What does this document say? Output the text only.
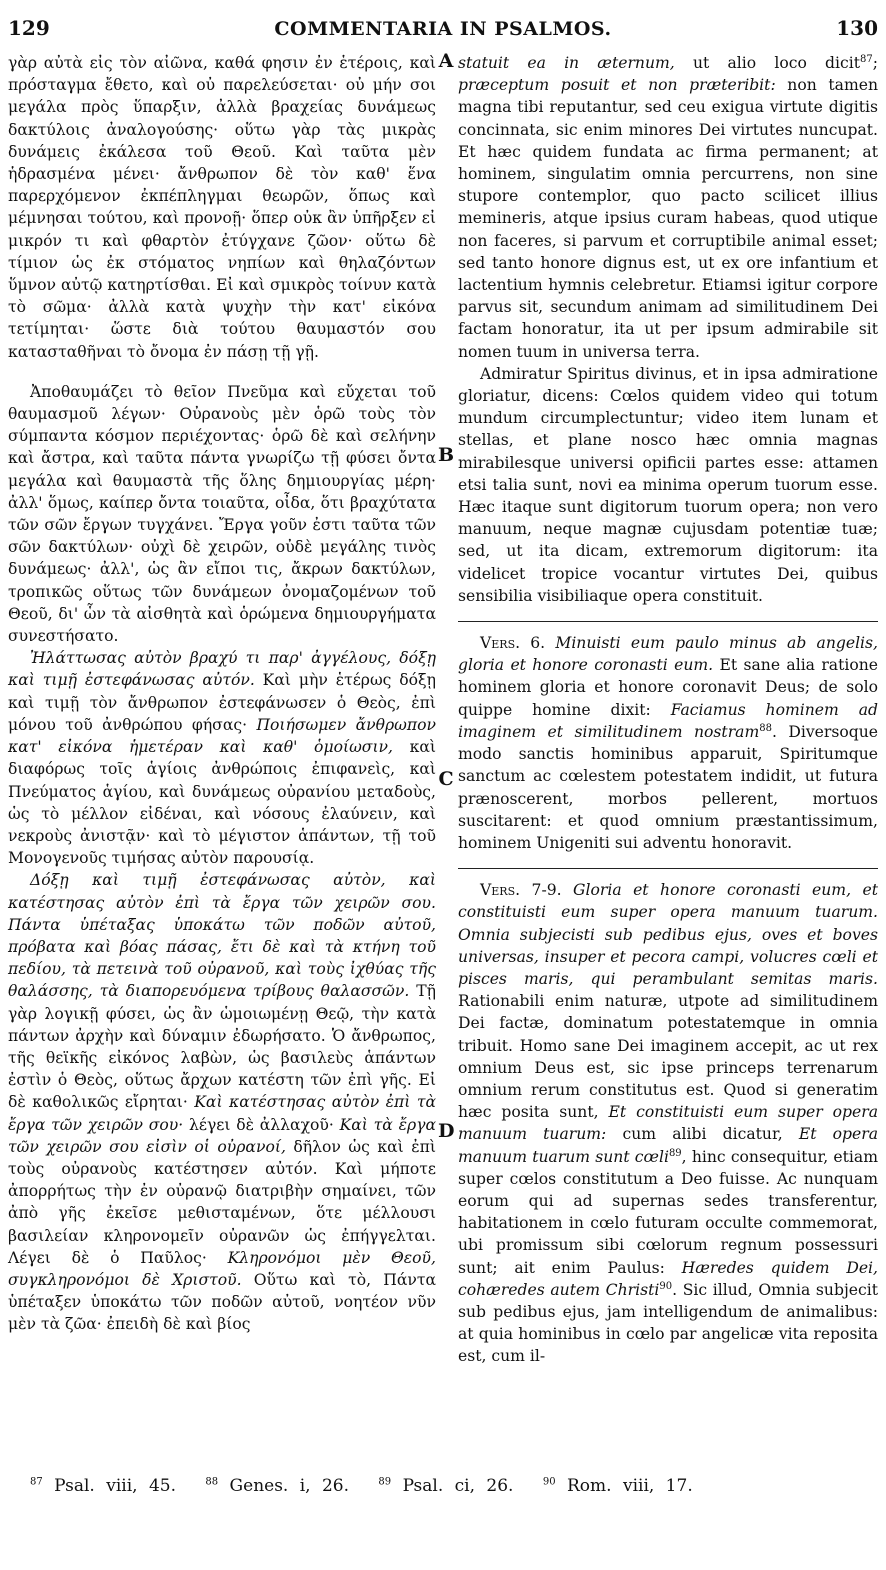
129	COMMENTARIA IN PSALMOS.	130
A
B
C
D

γὰρ αὐτὰ εἰς τὸν αἰῶνα, καθά φησιν ἐν ἑτέροις, καὶ πρόσταγμα ἔθετο, καὶ οὐ παρελεύσεται· οὐ μήν σοι μεγάλα πρὸς ὕπαρξιν, ἀλλὰ βραχείας δυνάμεως δακτύλοις ἀναλογούσης· οὕτω γὰρ τὰς μικρὰς δυνάμεις ἐκάλεσα τοῦ Θεοῦ. Καὶ ταῦτα μὲν ἡδρασμένα μένει· ἄνθρωπον δὲ τὸν καθ' ἕνα παρερχόμενον ἐκπέπληγμαι θεωρῶν, ὅπως καὶ μέμνησαι τούτου, καὶ προνοῇ· ὅπερ οὐκ ἂν ὑπῆρξεν εἰ μικρόν τι καὶ φθαρτὸν ἐτύγχανε ζῶον· οὕτω δὲ τίμιον ὡς ἐκ στόματος νηπίων καὶ θηλαζόντων ὕμνον αὐτῷ κατηρτίσθαι. Εἰ καὶ σμικρὸς τοίνυν κατὰ τὸ σῶμα· ἀλλὰ κατὰ ψυχὴν τὴν κατ' εἰκόνα τετίμηται· ὥστε διὰ τούτου θαυμαστόν σου κατασταθῆναι τὸ ὄνομα ἐν πάσῃ τῇ γῇ.

Ἀποθαυμάζει τὸ θεῖον Πνεῦμα καὶ εὔχεται τοῦ θαυμασμοῦ λέγων· Οὐρανοὺς μὲν ὁρῶ τοὺς τὸν σύμπαντα κόσμον περιέχοντας· ὁρῶ δὲ καὶ σελήνην καὶ ἄστρα, καὶ ταῦτα πάντα γνωρίζω τῇ φύσει ὄντα μεγάλα καὶ θαυμαστὰ τῆς ὅλης δημιουργίας μέρη· ἀλλ' ὅμως, καίπερ ὄντα τοιαῦτα, οἶδα, ὅτι βραχύτατα τῶν σῶν ἔργων τυγχάνει. Ἔργα γοῦν ἐστι ταῦτα τῶν σῶν δακτύλων· οὐχὶ δὲ χειρῶν, οὐδὲ μεγάλης τινὸς δυνάμεως· ἀλλ', ὡς ἂν εἴποι τις, ἄκρων δακτύλων, τροπικῶς οὕτως τῶν δυνάμεων ὀνομαζομένων τοῦ Θεοῦ, δι' ὧν τὰ αἰσθητὰ καὶ ὁρώμενα δημιουργήματα συνεστήσατο.

Ἠλάττωσας αὐτὸν βραχύ τι παρ' ἀγγέλους, δόξῃ καὶ τιμῇ ἐστεφάνωσας αὐτόν. Καὶ μὴν ἑτέρως δόξῃ καὶ τιμῇ τὸν ἄνθρωπον ἐστεφάνωσεν ὁ Θεὸς, ἐπὶ μόνου τοῦ ἀνθρώπου φήσας· Ποιήσωμεν ἄνθρωπον κατ' εἰκόνα ἡμετέραν καὶ καθ' ὁμοίωσιν, καὶ διαφόρως τοῖς ἁγίοις ἀνθρώποις ἐπιφανεὶς, καὶ Πνεύματος ἁγίου, καὶ δυνάμεως οὐρανίου μεταδοὺς, ὡς τὸ μέλλον εἰδέναι, καὶ νόσους ἐλαύνειν, καὶ νεκροὺς ἀνιστᾷν· καὶ τὸ μέγιστον ἁπάντων, τῇ τοῦ Μονογενοῦς τιμήσας αὐτὸν παρουσίᾳ.

Δόξῃ καὶ τιμῇ ἐστεφάνωσας αὐτὸν, καὶ κατέστησας αὐτὸν ἐπὶ τὰ ἔργα τῶν χειρῶν σου. Πάντα ὑπέταξας ὑποκάτω τῶν ποδῶν αὐτοῦ, πρόβατα καὶ βόας πάσας, ἔτι δὲ καὶ τὰ κτήνη τοῦ πεδίου, τὰ πετεινὰ τοῦ οὐρανοῦ, καὶ τοὺς ἰχθύας τῆς θαλάσσης, τὰ διαπορευόμενα τρίβους θαλασσῶν. Τῇ γὰρ λογικῇ φύσει, ὡς ἂν ὡμοιωμένῃ Θεῷ, τὴν κατὰ πάντων ἀρχὴν καὶ δύναμιν ἐδωρήσατο. Ὁ ἄνθρωπος, τῆς θεϊκῆς εἰκόνος λαβὼν, ὡς βασιλεὺς ἁπάντων ἐστὶν ὁ Θεὸς, οὕτως ἄρχων κατέστη τῶν ἐπὶ γῆς. Εἰ δὲ καθολικῶς εἴρηται· Καὶ κατέστησας αὐτὸν ἐπὶ τὰ ἔργα τῶν χειρῶν σου· λέγει δὲ ἀλλαχοῦ· Καὶ τὰ ἔργα τῶν χειρῶν σου εἰσὶν οἱ οὐρανοί, δῆλον ὡς καὶ ἐπὶ τοὺς οὐρανοὺς κατέστησεν αὐτόν. Καὶ μήποτε ἀπορρήτως τὴν ἐν οὐρανῷ διατριβὴν σημαίνει, τῶν ἀπὸ γῆς ἐκεῖσε μεθισταμένων, ὅτε μέλλουσι βασιλείαν κληρονομεῖν οὐρανῶν ὡς ἐπήγγελται. Λέγει δὲ ὁ Παῦλος· Κληρονόμοι μὲν Θεοῦ, συγκληρονόμοι δὲ Χριστοῦ. Οὕτω καὶ τὸ, Πάντα ὑπέταξεν ὑποκάτω τῶν ποδῶν αὐτοῦ, νοητέον νῦν μὲν τὰ ζῶα· ἐπειδὴ δὲ καὶ βίος

statuit ea in æternum, ut alio loco dicit$^{87}$; præceptum posuit et non præteribit: non tamen magna tibi reputantur, sed ceu exigua virtute digitis concinnata, sic enim minores Dei virtutes nuncupat. Et hæc quidem fundata ac firma permanent; at hominem, singulatim omnia percurrens, non sine stupore contemplor, quo pacto scilicet illius memineris, atque ipsius curam habeas, quod utique non faceres, si parvum et corruptibile animal esset; sed tanto honore dignus est, ut ex ore infantium et lactentium hymnis celebretur. Etiamsi igitur corpore parvus sit, secundum animam ad similitudinem Dei factam honoratur, ita ut per ipsum admirabile sit nomen tuum in universa terra.

Admiratur Spiritus divinus, et in ipsa admiratione gloriatur, dicens: Cœlos quidem video qui totum mundum circumplectuntur; video item lunam et stellas, et plane nosco hæc omnia magnas mirabilesque universi opificii partes esse: attamen etsi talia sunt, novi ea minima operum tuorum esse. Hæc itaque sunt digitorum tuorum opera; non vero manuum, neque magnæ cujusdam potentiæ tuæ; sed, ut ita dicam, extremorum digitorum: ita videlicet tropice vocantur virtutes Dei, quibus sensibilia visibiliaque opera constituit.

Vers. 6. Minuisti eum paulo minus ab angelis, gloria et honore coronasti eum. Et sane alia ratione hominem gloria et honore coronavit Deus; de solo quippe homine dixit: Faciamus hominem ad imaginem et similitudinem nostram$^{88}$. Diversoque modo sanctis hominibus apparuit, Spiritumque sanctum ac cœlestem potestatem indidit, ut futura prænoscerent, morbos pellerent, mortuos suscitarent: et quod omnium præstantissimum, hominem Unigeniti sui adventu honoravit.

Vers. 7-9. Gloria et honore coronasti eum, et constituisti eum super opera manuum tuarum. Omnia subjecisti sub pedibus ejus, oves et boves universas, insuper et pecora campi, volucres cœli et pisces maris, qui perambulant semitas maris. Rationabili enim naturæ, utpote ad similitudinem Dei factæ, dominatum potestatemque in omnia tribuit. Homo sane Dei imaginem accepit, ac ut rex omnium Deus est, sic ipse princeps terrenarum omnium rerum constitutus est. Quod si generatim hæc posita sunt, Et constituisti eum super opera manuum tuarum: cum alibi dicatur, Et opera manuum tuarum sunt cœli$^{89}$, hinc consequitur, etiam super cœlos constitutum a Deo fuisse. Ac nunquam eorum qui ad supernas sedes transferentur, habitationem in cœlo futuram occulte commemorat, ubi promissum sibi cœlorum regnum possessuri sunt; ait enim Paulus: Hæredes quidem Dei, cohæredes autem Christi$^{90}$. Sic illud, Omnia subjecit sub pedibus ejus, jam intelligendum de animalibus: at quia hominibus in cœlo par angelicæ vita reposita est, cum il-

$^{87}$ Psal. viii, 45.	$^{88}$ Genes. i, 26.	$^{89}$ Psal. ci, 26.	$^{90}$ Rom. viii, 17.
